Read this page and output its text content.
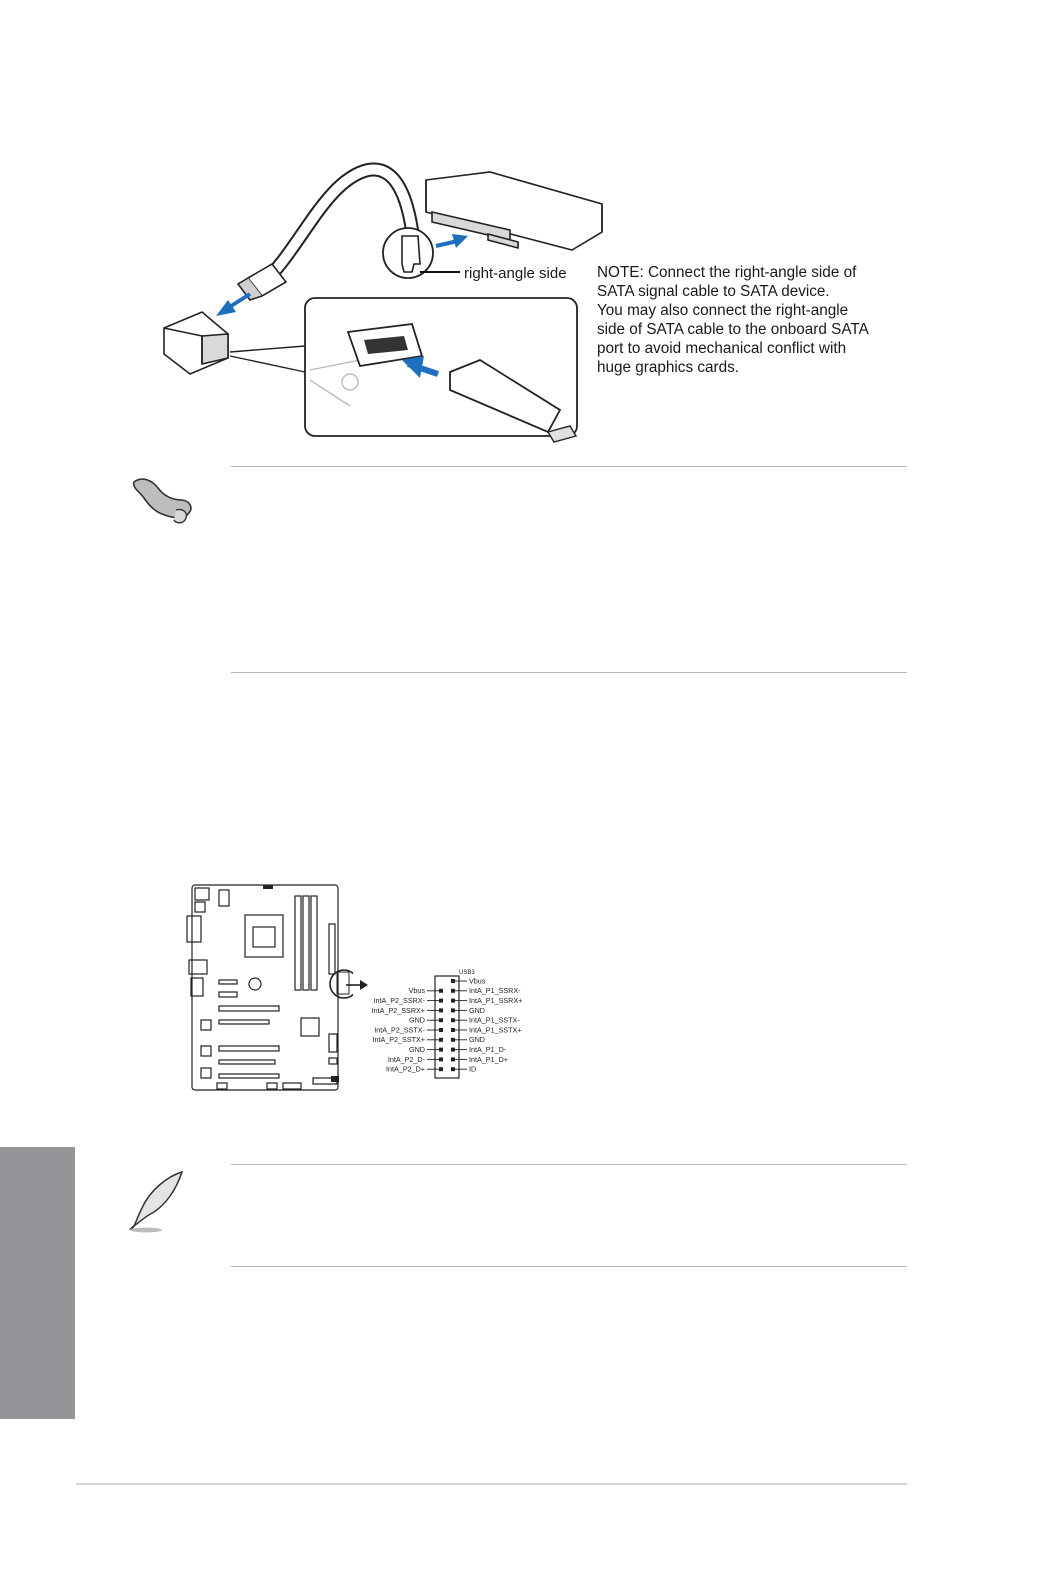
right-angle side NOTE: Connect the right-angle side of
SATA signal cable to SATA device.
You may also connect the right-angle
side of SATA cable to the onboard SATA
port to avoid mechanical conflict with
huge graphics cards.
USB3
Vbus
IntA_P1_SSRX-
IntA_P1_SSRX+
GND
IntA_P1_SSTX-
IntA_P1_SSTX+
GND
IntA_P1_D-
IntA_P1_D+
ID
Vbus
IntA_P2_SSRX-
IntA_P2_SSRX+
GND
IntA_P2_SSTX-
IntA_P2_SSTX+
GND
IntA_P2_D-
IntA_P2_D+
